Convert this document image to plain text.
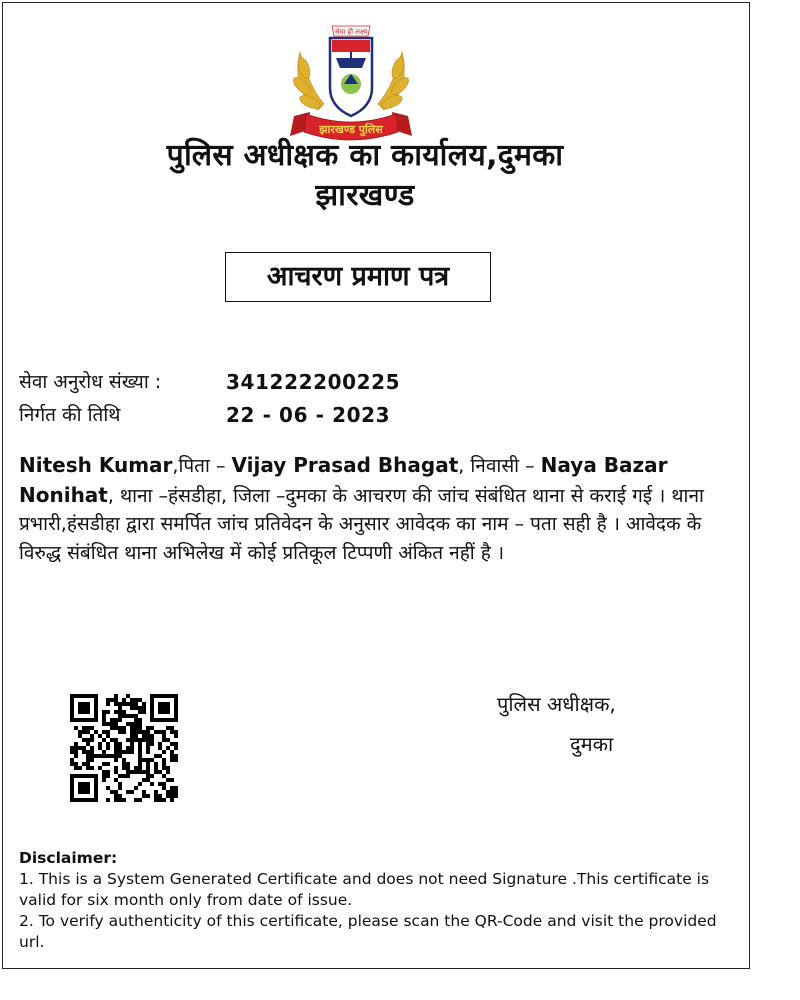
सेवा ही लक्ष्य
झारखण्ड पुलिस
पुलिस अधीक्षक का कार्यालय,दुमका
झारखण्ड
आचरण प्रमाण पत्र
सेवा अनुरोध संख्या :	341222200225
निर्गत की तिथि	22 - 06 - 2023
Nitesh Kumar,पिता – Vijay Prasad Bhagat, निवासी – Naya Bazar Nonihat, थाना –हंसडीहा, जिला –दुमका के आचरण की जांच संबंधित थाना से कराई गई । थाना प्रभारी,हंसडीहा द्वारा समर्पित जांच प्रतिवेदन के अनुसार आवेदक का नाम – पता सही है । आवेदक के विरुद्ध संबंधित थाना अभिलेख में कोई प्रतिकूल टिप्पणी अंकित नहीं है ।
पुलिस अधीक्षक,
दुमका

Disclaimer:

1. This is a System Generated Certificate and does not need Signature .This certificate is valid for six month only from date of issue.

2. To verify authenticity of this certificate, please scan the QR-Code and visit the provided url.
